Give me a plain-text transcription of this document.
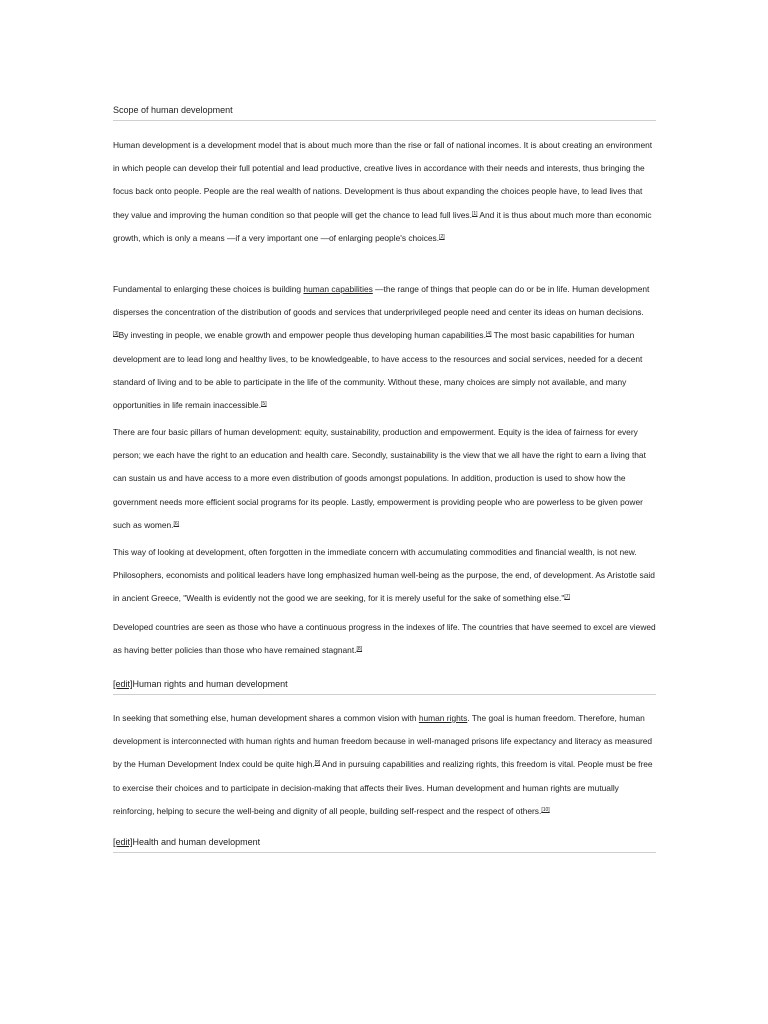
Scope of human development

Human development is a development model that is about much more than the rise or fall of national incomes. It is about creating an environment in which people can develop their full potential and lead productive, creative lives in accordance with their needs and interests, thus bringing the focus back onto people. People are the real wealth of nations. Development is thus about expanding the choices people have, to lead lives that they value and improving the human condition so that people will get the chance to lead full lives.[1] And it is thus about much more than economic growth, which is only a means —if a very important one —of enlarging people's choices.[2]

Fundamental to enlarging these choices is building human capabilities —the range of things that people can do or be in life. Human development disperses the concentration of the distribution of goods and services that underprivileged people need and center its ideas on human decisions.[3]By investing in people, we enable growth and empower people thus developing human capabilities.[4] The most basic capabilities for human development are to lead long and healthy lives, to be knowledgeable, to have access to the resources and social services, needed for a decent standard of living and to be able to participate in the life of the community. Without these, many choices are simply not available, and many opportunities in life remain inaccessible.[5]

There are four basic pillars of human development: equity, sustainability, production and empowerment. Equity is the idea of fairness for every person; we each have the right to an education and health care. Secondly, sustainability is the view that we all have the right to earn a living that can sustain us and have access to a more even distribution of goods amongst populations. In addition, production is used to show how the government needs more efficient social programs for its people. Lastly, empowerment is providing people who are powerless to be given power such as women.[6]

This way of looking at development, often forgotten in the immediate concern with accumulating commodities and financial wealth, is not new. Philosophers, economists and political leaders have long emphasized human well-being as the purpose, the end, of development. As Aristotle said in ancient Greece, "Wealth is evidently not the good we are seeking, for it is merely useful for the sake of something else."[7]

Developed countries are seen as those who have a continuous progress in the indexes of life. The countries that have seemed to excel are viewed as having better policies than those who have remained stagnant.[8]

[edit]Human rights and human development

In seeking that something else, human development shares a common vision with human rights. The goal is human freedom. Therefore, human development is interconnected with human rights and human freedom because in well-managed prisons life expectancy and literacy as measured by the Human Development Index could be quite high.[9] And in pursuing capabilities and realizing rights, this freedom is vital. People must be free to exercise their choices and to participate in decision-making that affects their lives. Human development and human rights are mutually reinforcing, helping to secure the well-being and dignity of all people, building self-respect and the respect of others.[10]

[edit]Health and human development
